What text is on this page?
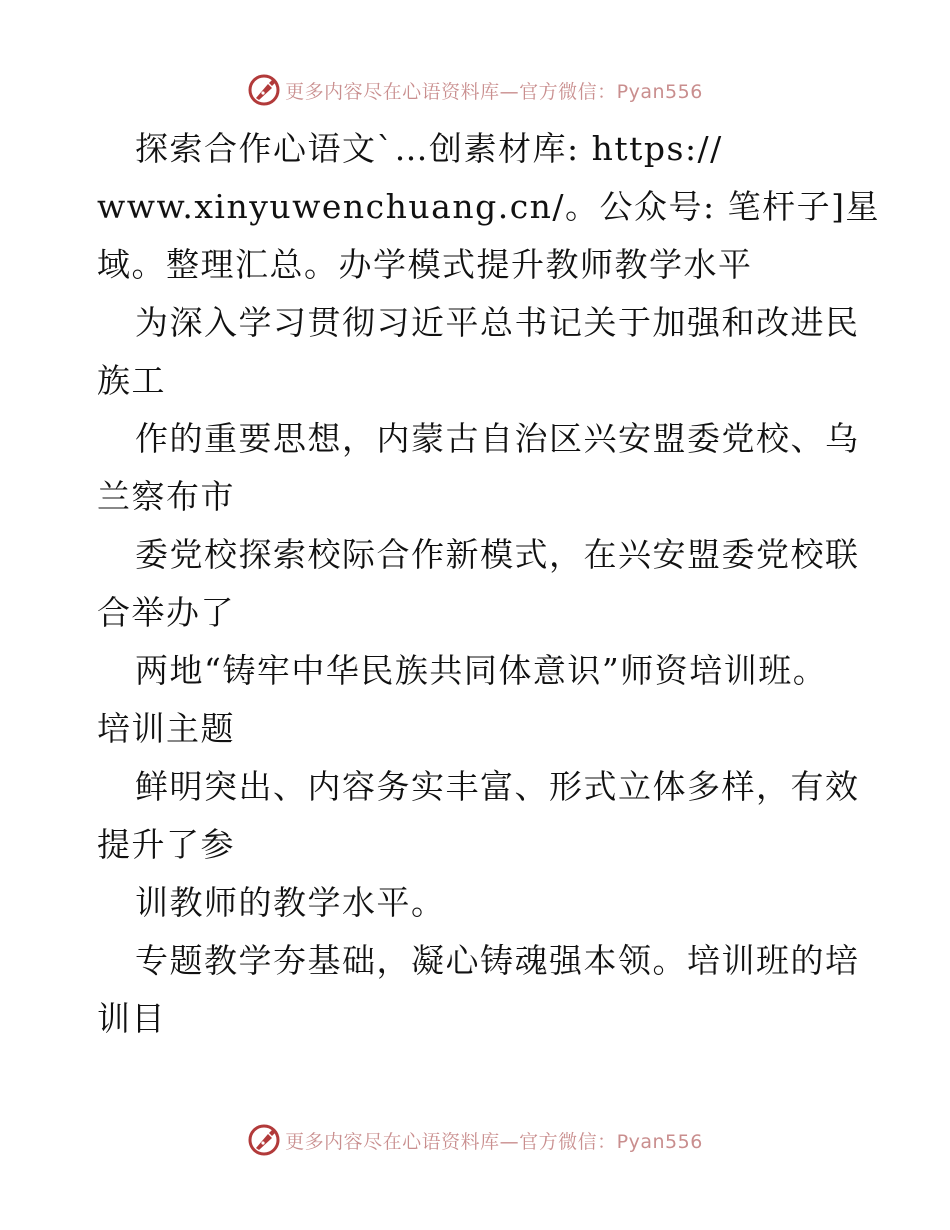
更多内容尽在心语资料库—官方微信：Pyan556
探索合作心语文`…创素材库: https://
www.xinyuwenchuang.cn/。公众号: 笔杆子]星
域。整理汇总。办学模式提升教师教学水平
为深入学习贯彻习近平总书记关于加强和改进民
族工
作的重要思想，内蒙古自治区兴安盟委党校、乌
兰察布市
委党校探索校际合作新模式，在兴安盟委党校联
合举办了
两地“铸牢中华民族共同体意识”师资培训班。
培训主题
鲜明突出、内容务实丰富、形式立体多样，有效
提升了参
训教师的教学水平。
专题教学夯基础，凝心铸魂强本领。培训班的培
训目
更多内容尽在心语资料库—官方微信：Pyan556
